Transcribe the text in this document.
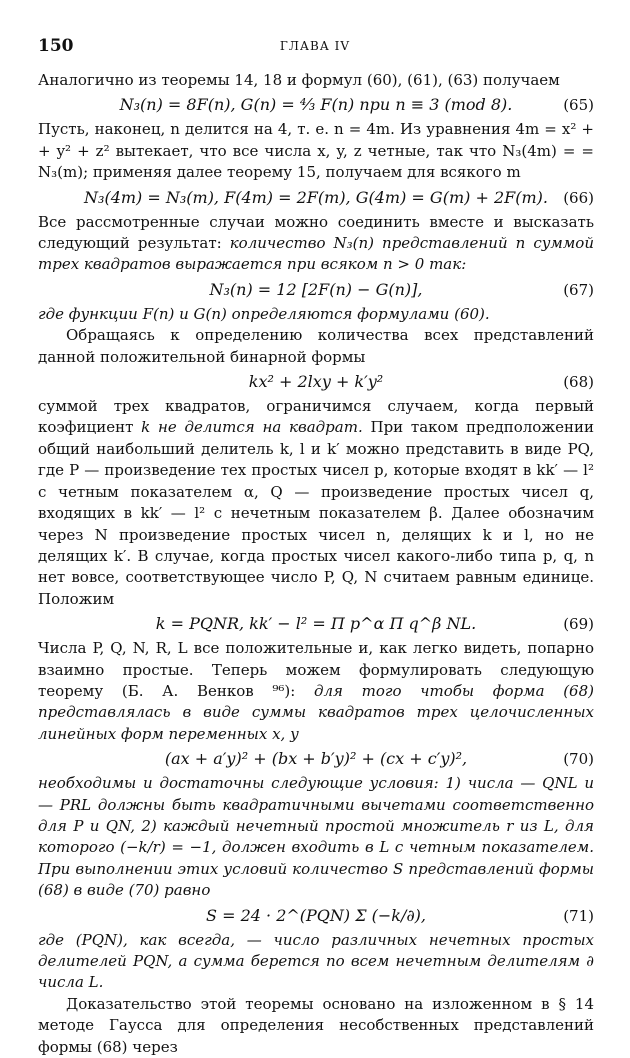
150	ГЛАВА IV

Аналогично из теоремы 14, 18 и формул (60), (61), (63) получаем

N₃(n) = 8F(n), G(n) = ⁴⁄₃ F(n) при n ≡ 3 (mod 8).	(65)

Пусть, наконец, n делится на 4, т. е. n = 4m. Из уравнения 4m = x² + + y² + z² вытекает, что все числа x, y, z четные, так что N₃(4m) = = N₃(m); применяя далее теорему 15, получаем для всякого m

N₃(4m) = N₃(m), F(4m) = 2F(m), G(4m) = G(m) + 2F(m). (66)

Все рассмотренные случаи можно соединить вместе и высказать следующий результат: количество N₃(n) представлений n суммой трех квадратов выражается при всяком n > 0 так:

N₃(n) = 12 [2F(n) − G(n)],	(67)

где функции F(n) и G(n) определяются формулами (60).

Обращаясь к определению количества всех представлений данной положительной бинарной формы

kx² + 2lxy + k′y²	(68)

суммой трех квадратов, ограничимся случаем, когда первый коэфициент k не делится на квадрат. При таком предположении общий наибольший делитель k, l и k′ можно представить в виде PQ, где P — произведение тех простых чисел p, которые входят в kk′ — l² с четным показателем α, Q — произведение простых чисел q, входящих в kk′ — l² с нечетным показателем β. Далее обозначим через N произведение простых чисел n, делящих k и l, но не делящих k′. В случае, когда простых чисел какого-либо типа p, q, n нет вовсе, соответствующее число P, Q, N считаем равным единице. Положим

k = PQNR, kk′ − l² = Π p^α Π q^β NL.	(69)

Числа P, Q, N, R, L все положительные и, как легко видеть, попарно взаимно простые. Теперь можем формулировать следующую теорему (Б. А. Венков ⁹⁶): для того чтобы форма (68) представлялась в виде суммы квадратов трех целочисленных линейных форм переменных x, y

(ax + a′y)² + (bx + b′y)² + (cx + c′y)²,	(70)

необходимы и достаточны следующие условия: 1) числа — QNL и — PRL должны быть квадратичными вычетами соответственно для P и QN, 2) каждый нечетный простой множитель r из L, для которого (−k/r) = −1, должен входить в L с четным показателем. При выполнении этих условий количество S представлений формы (68) в виде (70) равно

S = 24 · 2^(PQN) Σ (−k/∂),	(71)

где (PQN), как всегда, — число различных нечетных простых делителей PQN, а сумма берется по всем нечетным делителям ∂ числа L.

Доказательство этой теоремы основано на изложенном в § 14 методе Гаусса для определения несобственных представлений формы (68) через
